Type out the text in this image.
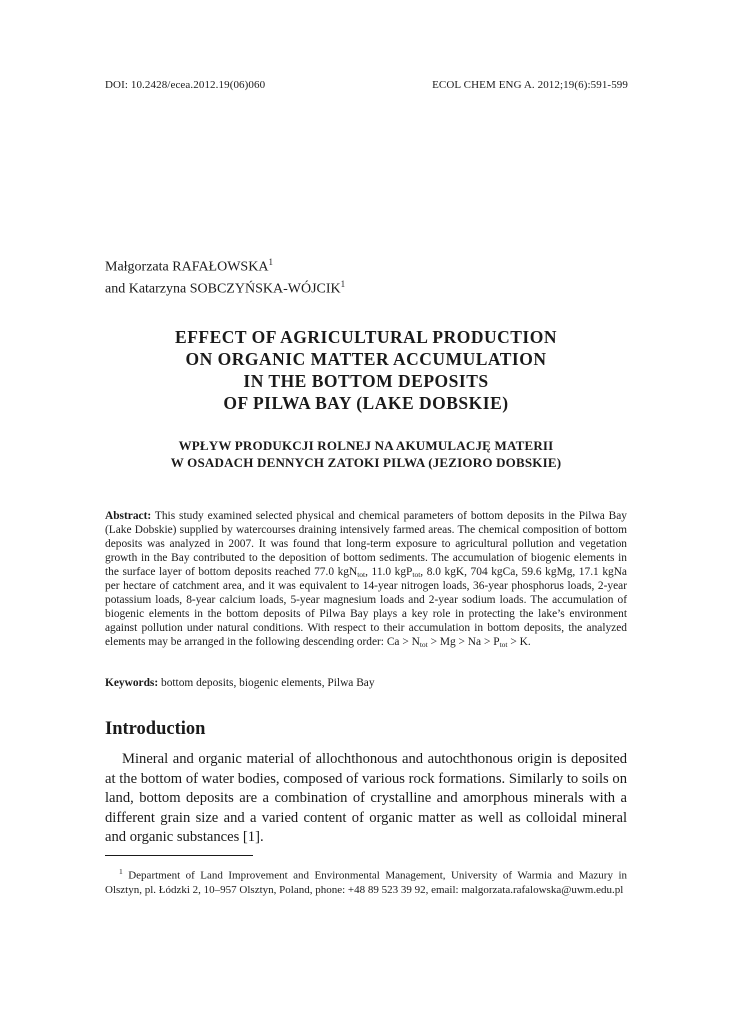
DOI: 10.2428/ecea.2012.19(06)060	ECOL CHEM ENG A. 2012;19(6):591-599
Małgorzata RAFAŁOWSKA$^1$
and Katarzyna SOBCZYŃSKA-WÓJCIK$^1$
EFFECT OF AGRICULTURAL PRODUCTION
ON ORGANIC MATTER ACCUMULATION
IN THE BOTTOM DEPOSITS
OF PILWA BAY (LAKE DOBSKIE)
WPŁYW PRODUKCJI ROLNEJ NA AKUMULACJĘ MATERII
W OSADACH DENNYCH ZATOKI PILWA (JEZIORO DOBSKIE)
Abstract: This study examined selected physical and chemical parameters of bottom deposits in the Pilwa Bay (Lake Dobskie) supplied by watercourses draining intensively farmed areas. The chemical composition of bottom deposits was analyzed in 2007. It was found that long-term exposure to agricultural pollution and vegetation growth in the Bay contributed to the deposition of bottom sediments. The accumulation of biogenic elements in the surface layer of bottom deposits reached 77.0 kgN$_{tot}$, 11.0 kgP$_{tot}$, 8.0 kgK, 704 kgCa, 59.6 kgMg, 17.1 kgNa per hectare of catchment area, and it was equivalent to 14-year nitrogen loads, 36-year phosphorus loads, 2-year potassium loads, 8-year calcium loads, 5-year magnesium loads and 2-year sodium loads. The accumulation of biogenic elements in the bottom deposits of Pilwa Bay plays a key role in protecting the lake’s environment against pollution under natural conditions. With respect to their accumulation in bottom deposits, the analyzed elements may be arranged in the following descending order: $Ca > N_{tot} > Mg > Na > P_{tot} > K$.
Keywords: bottom deposits, biogenic elements, Pilwa Bay
Introduction
Mineral and organic material of allochthonous and autochthonous origin is deposited at the bottom of water bodies, composed of various rock formations. Similarly to soils on land, bottom deposits are a combination of crystalline and amorphous minerals with a different grain size and a varied content of organic matter as well as colloidal mineral and organic substances [1].
$^1$ Department of Land Improvement and Environmental Management, University of Warmia and Mazury in Olsztyn, pl. Łódzki 2, 10–957 Olsztyn, Poland, phone: +48 89 523 39 92, email: malgorzata.rafalowska@uwm.edu.pl
